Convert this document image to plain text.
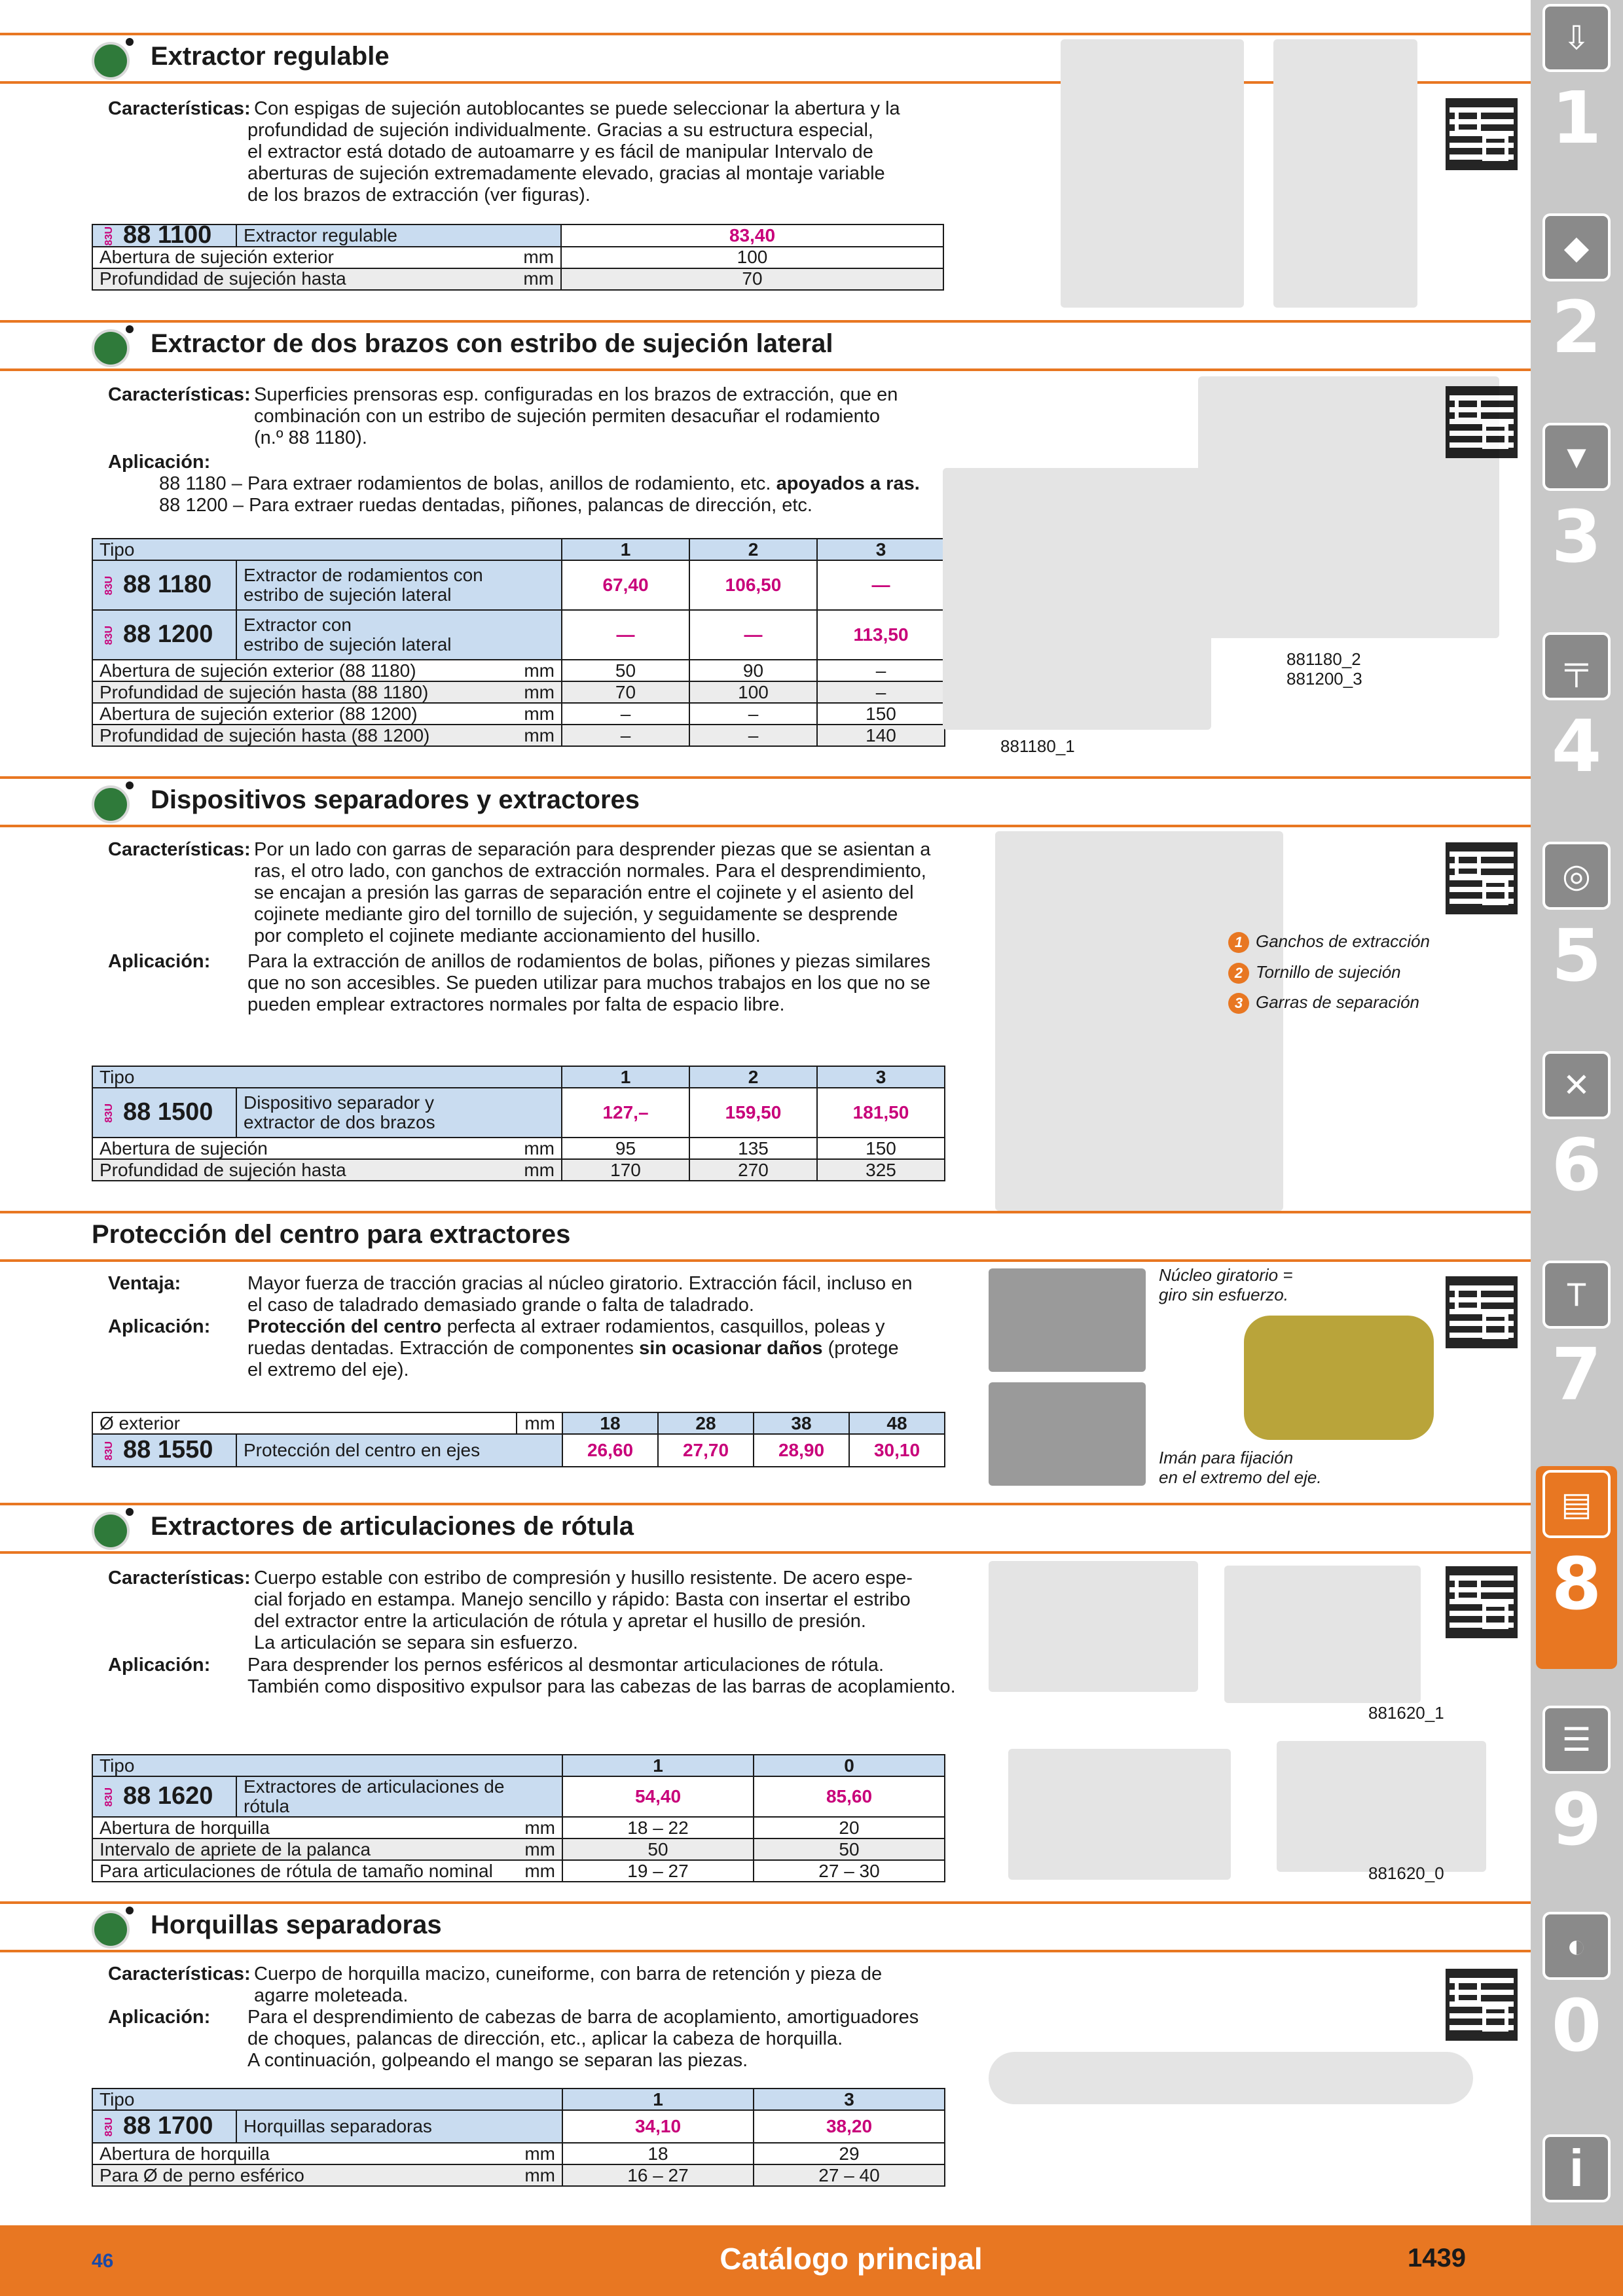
Extractor regulable
Características: Con espigas de sujeción autoblocantes se puede seleccionar la abertura y la
profundidad de sujeción individualmente. Gracias a su estructura especial,
el extractor está dotado de autoamarre y es fácil de manipular Intervalo de
aberturas de sujeción extremadamente elevado, gracias al montaje variable
de los brazos de extracción (ver figuras).
83U 88 1100	Extractor regulable		83,40
Abertura de sujeción exterior		mm	100
Profundidad de sujeción hasta		mm	70
Extractor de dos brazos con estribo de sujeción lateral
Características: Superficies prensoras esp. configuradas en los brazos de extracción, que en
combinación con un estribo de sujeción permiten desacuñar el rodamiento
(n.º 88 1180).
Aplicación:
88 1180 – Para extraer rodamientos de bolas, anillos de rodamiento, etc. apoyados a ras.
88 1200 – Para extraer ruedas dentadas, piñones, palancas de dirección, etc.
Tipo			1	2	3
83U 88 1180	Extractor de rodamientos con
estribo de sujeción lateral		67,40	106,50	—
83U 88 1200	Extractor con
estribo de sujeción lateral		—	—	113,50
Abertura de sujeción exterior (88 1180)		mm	50	90	–
Profundidad de sujeción hasta (88 1180)		mm	70	100	–
Abertura de sujeción exterior (88 1200)		mm	–	–	150
Profundidad de sujeción hasta (88 1200)		mm	–	–	140
881180_1
881180_2
881200_3
Dispositivos separadores y extractores
Características: Por un lado con garras de separación para desprender piezas que se asientan a
ras, el otro lado, con ganchos de extracción normales. Para el desprendimiento,
se encajan a presión las garras de separación entre el cojinete y el asiento del
cojinete mediante giro del tornillo de sujeción, y seguidamente se desprende
por completo el cojinete mediante accionamiento del husillo.
Aplicación: Para la extracción de anillos de rodamientos de bolas, piñones y piezas similares
que no son accesibles. Se pueden utilizar para muchos trabajos en los que no se
pueden emplear extractores normales por falta de espacio libre.
Tipo			1	2	3
83U 88 1500	Dispositivo separador y
extractor de dos brazos		127,–	159,50	181,50
Abertura de sujeción		mm	95	135	150
Profundidad de sujeción hasta		mm	170	270	325
1 Ganchos de extracción
2 Tornillo de sujeción
3 Garras de separación
Protección del centro para extractores
Ventaja:	Mayor fuerza de tracción gracias al núcleo giratorio. Extracción fácil, incluso en
el caso de taladrado demasiado grande o falta de taladrado.
Aplicación: Protección del centro perfecta al extraer rodamientos, casquillos, poleas y
ruedas dentadas. Extracción de componentes sin ocasionar daños (protege
el extremo del eje).
Ø exterior		mm	18	28	38	48
83U 88 1550	Protección del centro en ejes		26,60	27,70	28,90	30,10
Núcleo giratorio =
giro sin esfuerzo.
Imán para fijación
en el extremo del eje.
Extractores de articulaciones de rótula
Características: Cuerpo estable con estribo de compresión y husillo resistente. De acero espe-
cial forjado en estampa. Manejo sencillo y rápido: Basta con insertar el estribo
del extractor entre la articulación de rótula y apretar el husillo de presión.
La articulación se separa sin esfuerzo.
Aplicación: Para desprender los pernos esféricos al desmontar articulaciones de rótula.
También como dispositivo expulsor para las cabezas de las barras de acoplamiento.
Tipo			1	0
83U 88 1620	Extractores de articulaciones de rótula		54,40	85,60
Abertura de horquilla		mm	18 – 22	20
Intervalo de apriete de la palanca		mm	50	50
Para articulaciones de rótula de tamaño nominal		mm	19 – 27	27 – 30
881620_1
881620_0
Horquillas separadoras
Características: Cuerpo de horquilla macizo, cuneiforme, con barra de retención y pieza de
agarre moleteada.
Aplicación: Para el desprendimiento de cabezas de barra de acoplamiento, amortiguadores
de choques, palancas de dirección, etc., aplicar la cabeza de horquilla.
A continuación, golpeando el mango se separan las piezas.
Tipo			1	3
83U 88 1700	Horquillas separadoras		34,10	38,20
Abertura de horquilla		mm	18	29
Para Ø de perno esférico		mm	16 – 27	27 – 40
⇩
1
◆
2
▼
3
╤
4
◎
5
✕
6
T
7
▤
8
☰
9
◐
0
i
46	Catálogo principal	1439
